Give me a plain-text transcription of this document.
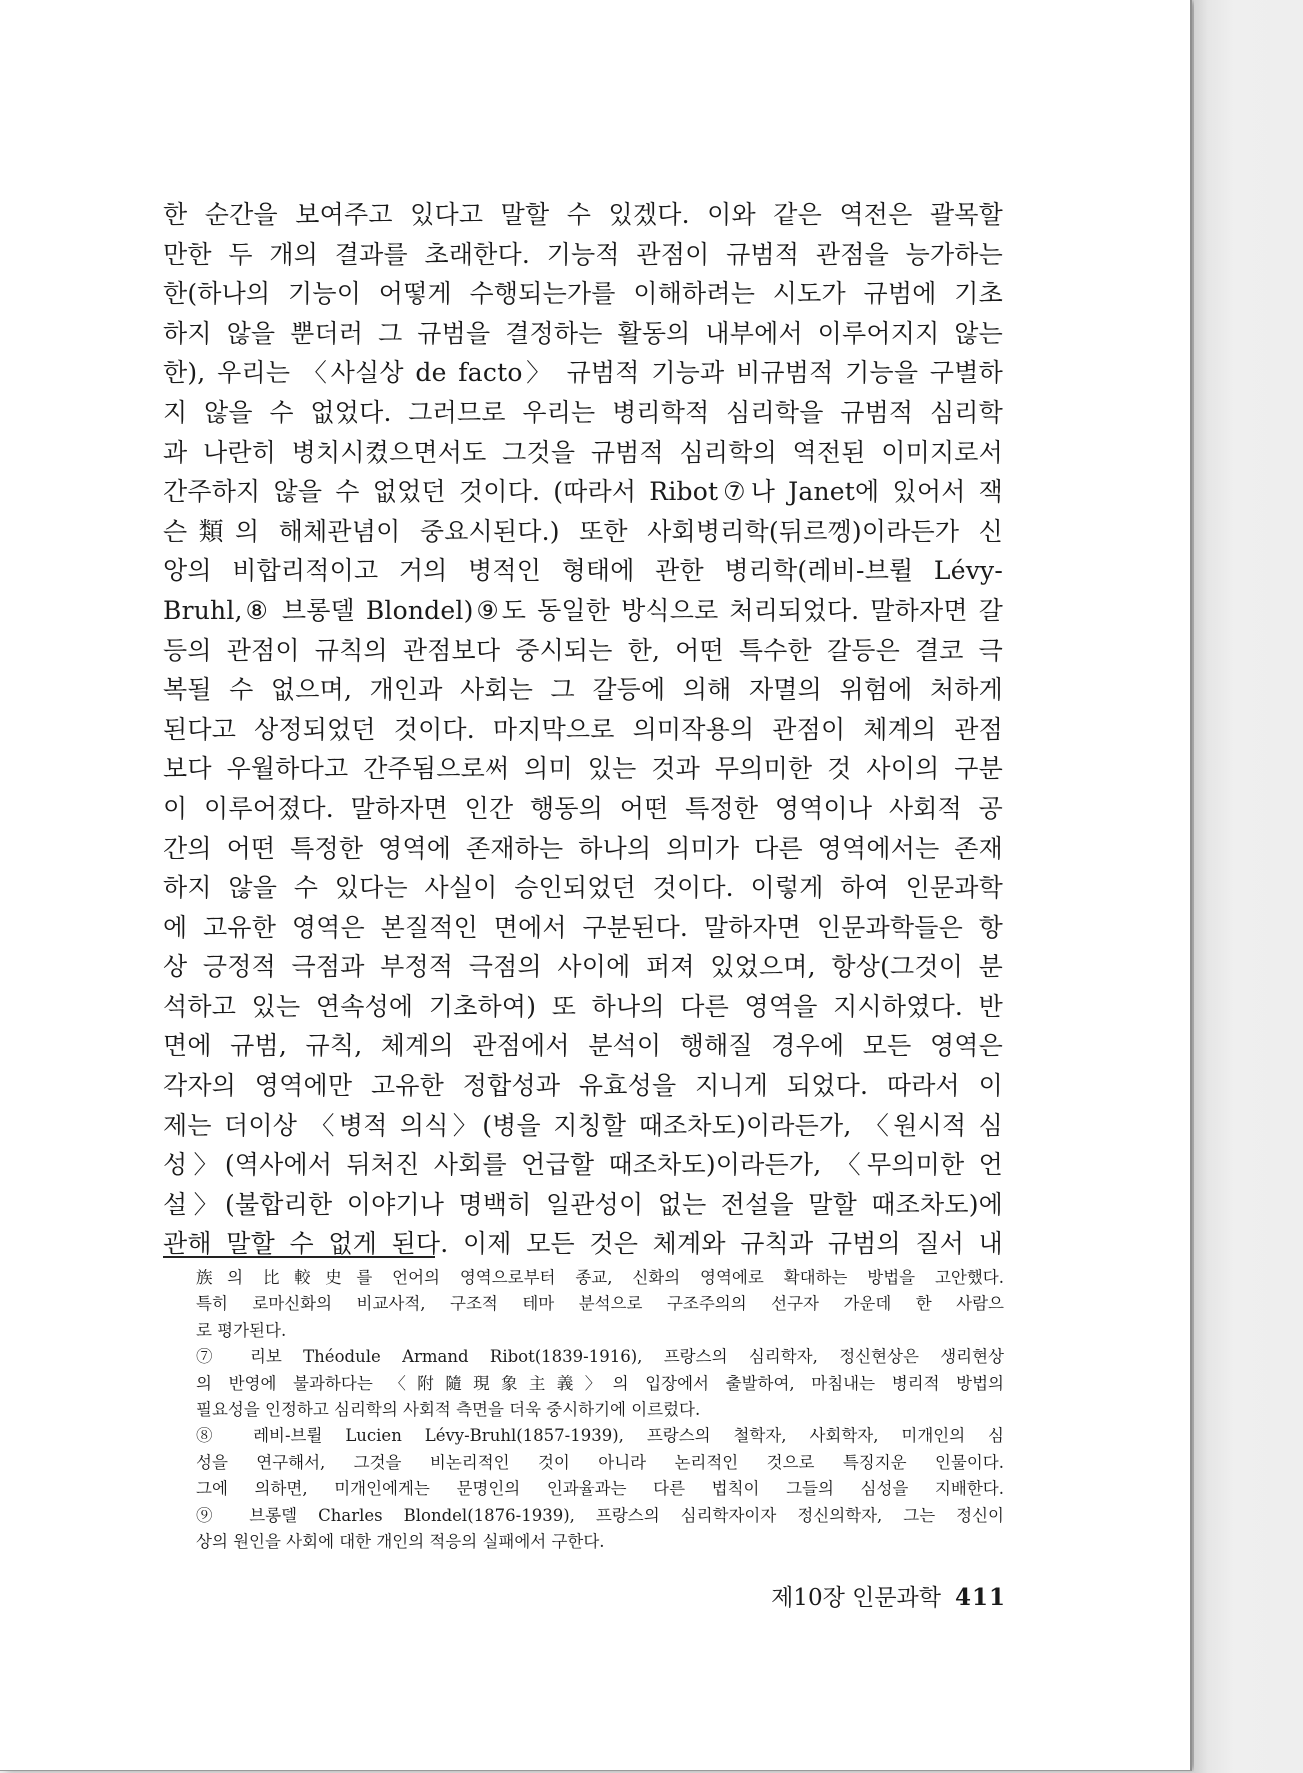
한 순간을 보여주고 있다고 말할 수 있겠다. 이와 같은 역전은 괄목할
만한 두 개의 결과를 초래한다. 기능적 관점이 규범적 관점을 능가하는
한(하나의 기능이 어떻게 수행되는가를 이해하려는 시도가 규범에 기초
하지 않을 뿐더러 그 규범을 결정하는 활동의 내부에서 이루어지지 않는
한), 우리는 〈사실상 de facto〉 규범적 기능과 비규범적 기능을 구별하
지 않을 수 없었다. 그러므로 우리는 병리학적 심리학을 규범적 심리학
과 나란히 병치시켰으면서도 그것을 규범적 심리학의 역전된 이미지로서
간주하지 않을 수 없었던 것이다. (따라서 Ribot⑦나 Janet에 있어서 잭
슨類의 해체관념이 중요시된다.) 또한 사회병리학(뒤르껭)이라든가 신
앙의 비합리적이고 거의 병적인 형태에 관한 병리학(레비-브륄 Lévy-
Bruhl,⑧ 브롱델 Blondel)⑨도 동일한 방식으로 처리되었다. 말하자면 갈
등의 관점이 규칙의 관점보다 중시되는 한, 어떤 특수한 갈등은 결코 극
복될 수 없으며, 개인과 사회는 그 갈등에 의해 자멸의 위험에 처하게
된다고 상정되었던 것이다. 마지막으로 의미작용의 관점이 체계의 관점
보다 우월하다고 간주됨으로써 의미 있는 것과 무의미한 것 사이의 구분
이 이루어졌다. 말하자면 인간 행동의 어떤 특정한 영역이나 사회적 공
간의 어떤 특정한 영역에 존재하는 하나의 의미가 다른 영역에서는 존재
하지 않을 수 있다는 사실이 승인되었던 것이다. 이렇게 하여 인문과학
에 고유한 영역은 본질적인 면에서 구분된다. 말하자면 인문과학들은 항
상 긍정적 극점과 부정적 극점의 사이에 퍼져 있었으며, 항상(그것이 분
석하고 있는 연속성에 기초하여) 또 하나의 다른 영역을 지시하였다. 반
면에 규범, 규칙, 체계의 관점에서 분석이 행해질 경우에 모든 영역은
각자의 영역에만 고유한 정합성과 유효성을 지니게 되었다. 따라서 이
제는 더이상 〈병적 의식〉(병을 지칭할 때조차도)이라든가, 〈원시적 심
성〉(역사에서 뒤처진 사회를 언급할 때조차도)이라든가, 〈무의미한 언
설〉(불합리한 이야기나 명백히 일관성이 없는 전설을 말할 때조차도)에
관해 말할 수 없게 된다. 이제 모든 것은 체계와 규칙과 규범의 질서 내
族의 比較史를 언어의 영역으로부터 종교, 신화의 영역에로 확대하는 방법을 고안했다.
특히 로마신화의 비교사적, 구조적 테마 분석으로 구조주의의 선구자 가운데 한 사람으
로 평가된다.
⑦ 리보 Théodule Armand Ribot(1839-1916), 프랑스의 심리학자, 정신현상은 생리현상
의 반영에 불과하다는 〈附隨現象主義〉의 입장에서 출발하여, 마침내는 병리적 방법의
필요성을 인정하고 심리학의 사회적 측면을 더욱 중시하기에 이르렀다.
⑧ 레비-브륄 Lucien Lévy-Bruhl(1857-1939), 프랑스의 철학자, 사회학자, 미개인의 심
성을 연구해서, 그것을 비논리적인 것이 아니라 논리적인 것으로 특징지운 인물이다.
그에 의하면, 미개인에게는 문명인의 인과율과는 다른 법칙이 그들의 심성을 지배한다.
⑨ 브롱델 Charles Blondel(1876-1939), 프랑스의 심리학자이자 정신의학자, 그는 정신이
상의 원인을 사회에 대한 개인의 적응의 실패에서 구한다.
제10장 인문과학 411
